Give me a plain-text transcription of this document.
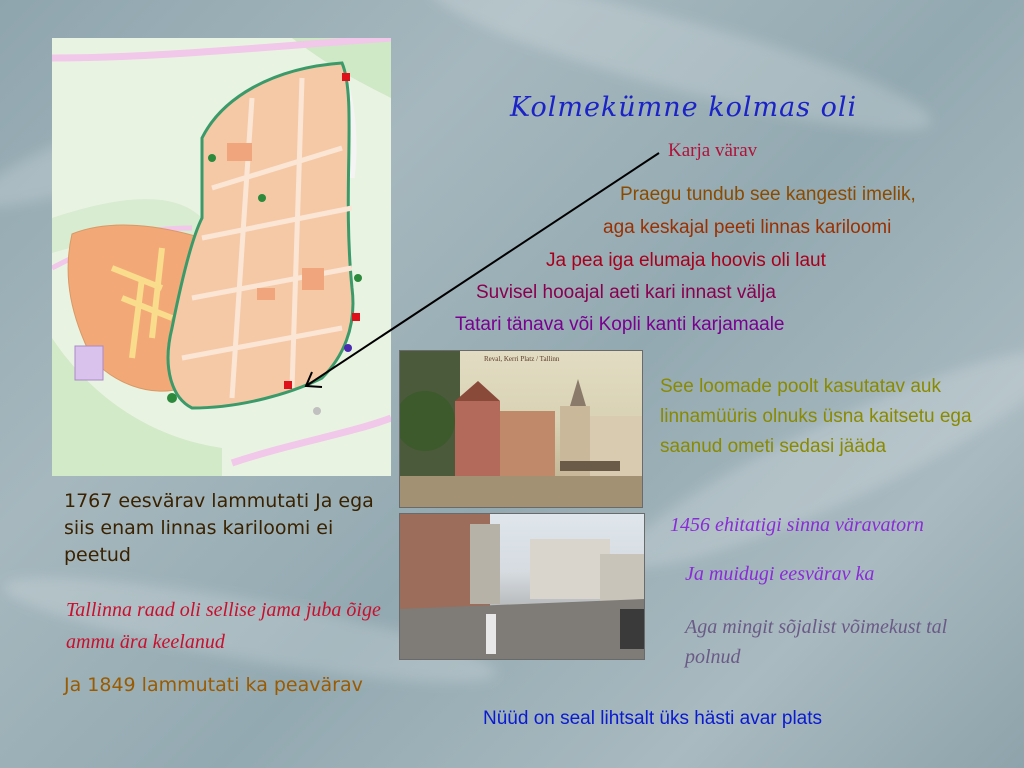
Kolmekümne kolmas oli
Karja värav
Praegu tundub see kangesti imelik,
aga keskajal peeti linnas kariloomi
Ja pea iga elumaja hoovis oli laut
Suvisel hooajal aeti kari innast välja
Tatari tänava või Kopli kanti karjamaale
Reval, Kerri Platz / Tallinn
See loomade poolt kasutatav auk linnamüüris olnuks üsna kaitsetu ega saanud ometi sedasi jääda
1456 ehitatigi sinna väravatorn
Ja muidugi eesvärav ka
Aga mingit sõjalist võimekust tal polnud
1767 eesvärav lammutati Ja ega siis enam linnas kariloomi ei peetud
Tallinna raad oli sellise jama juba õige ammu ära keelanud
Ja 1849 lammutati ka peavärav
Nüüd on seal lihtsalt üks hästi avar plats
